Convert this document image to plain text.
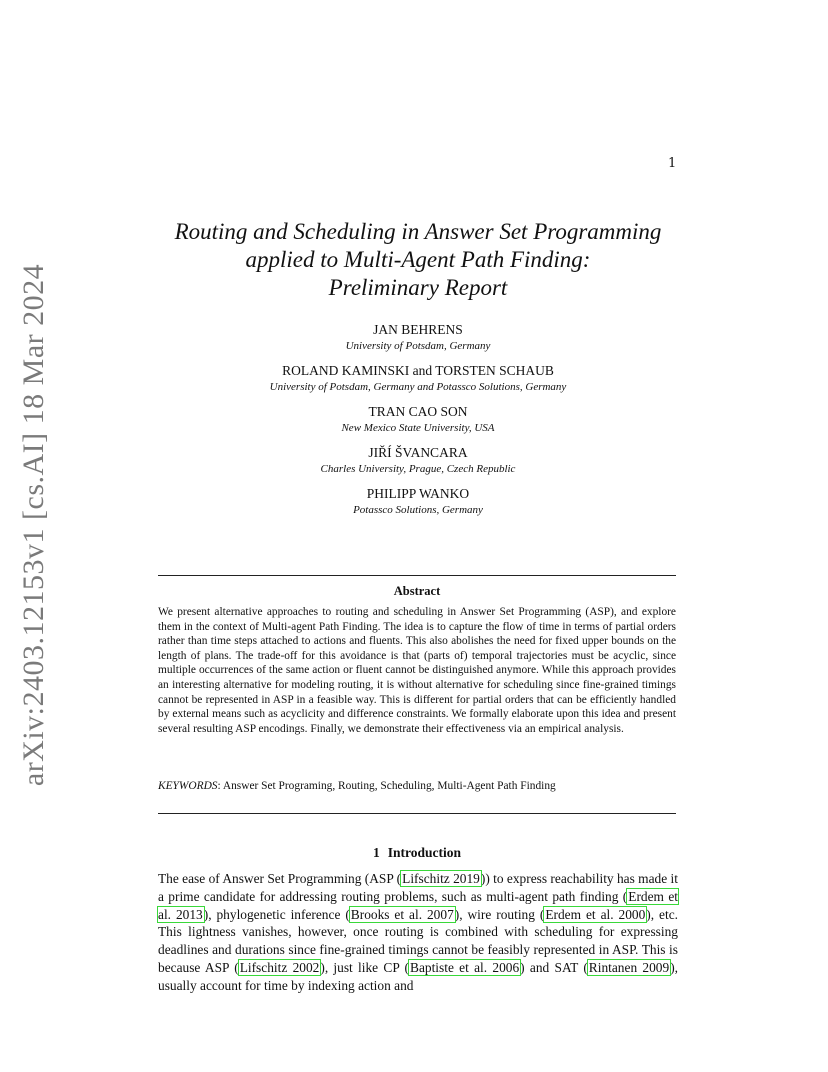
arXiv:2403.12153v1 [cs.AI] 18 Mar 2024
1
Routing and Scheduling in Answer Set Programming
applied to Multi-Agent Path Finding:
Preliminary Report
JAN BEHRENS
University of Potsdam, Germany
ROLAND KAMINSKI and TORSTEN SCHAUB
University of Potsdam, Germany and Potassco Solutions, Germany
TRAN CAO SON
New Mexico State University, USA
JIŘÍ ŠVANCARA
Charles University, Prague, Czech Republic
PHILIPP WANKO
Potassco Solutions, Germany
Abstract
We present alternative approaches to routing and scheduling in Answer Set Programming (ASP), and explore them in the context of Multi-agent Path Finding. The idea is to capture the flow of time in terms of partial orders rather than time steps attached to actions and fluents. This also abolishes the need for fixed upper bounds on the length of plans. The trade-off for this avoidance is that (parts of) temporal trajectories must be acyclic, since multiple occurrences of the same action or fluent cannot be distinguished anymore. While this approach provides an interesting alternative for modeling routing, it is without alternative for scheduling since fine-grained timings cannot be represented in ASP in a feasible way. This is different for partial orders that can be efficiently handled by external means such as acyclicity and difference constraints. We formally elaborate upon this idea and present several resulting ASP encodings. Finally, we demonstrate their effectiveness via an empirical analysis.
KEYWORDS: Answer Set Programing, Routing, Scheduling, Multi-Agent Path Finding
1 Introduction
The ease of Answer Set Programming (ASP (Lifschitz 2019)) to express reachability has made it a prime candidate for addressing routing problems, such as multi-agent path finding (Erdem et al. 2013), phylogenetic inference (Brooks et al. 2007), wire routing (Erdem et al. 2000), etc. This lightness vanishes, however, once routing is combined with scheduling for expressing deadlines and durations since fine-grained timings cannot be feasibly represented in ASP. This is because ASP (Lifschitz 2002), just like CP (Baptiste et al. 2006) and SAT (Rintanen 2009), usually account for time by indexing action and
